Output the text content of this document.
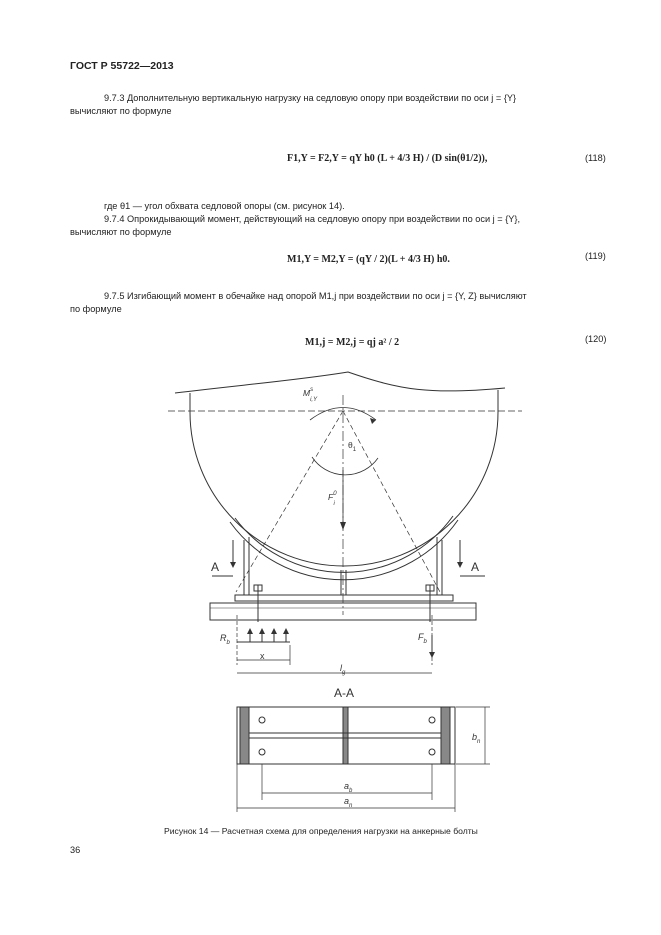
ГОСТ Р 55722—2013
9.7.3 Дополнительную вертикальную нагрузку на седловую опору при воздействии по оси j = {Y}
вычисляют по формуле
F1,Y = F2,Y = qY h0 (L + 4/3 H) / (D sin(θ1/2)),	(118)
где θ1 — угол обхвата седловой опоры (см. рисунок 14).
9.7.4 Опрокидывающий момент, действующий на седловую опору при воздействии по оси j = {Y},
вычисляют по формуле
M1,Y = M2,Y = (qY / 2)(L + 4/3 H) h0.	(119)
9.7.5 Изгибающий момент в обечайке над опорой M1,j при воздействии по оси j = {Y, Z} вычисляют
по формуле
M1,j = M2,j = qj a² / 2	(120)
$M^s$ i,Y
$\theta_1$
$F^0$ i
A	A
$R_b$
$F_b$
x
$l_g$
A-A
$b_n$
$a_b$
$a_n$
Рисунок 14 — Расчетная схема для определения нагрузки на анкерные болты
36
